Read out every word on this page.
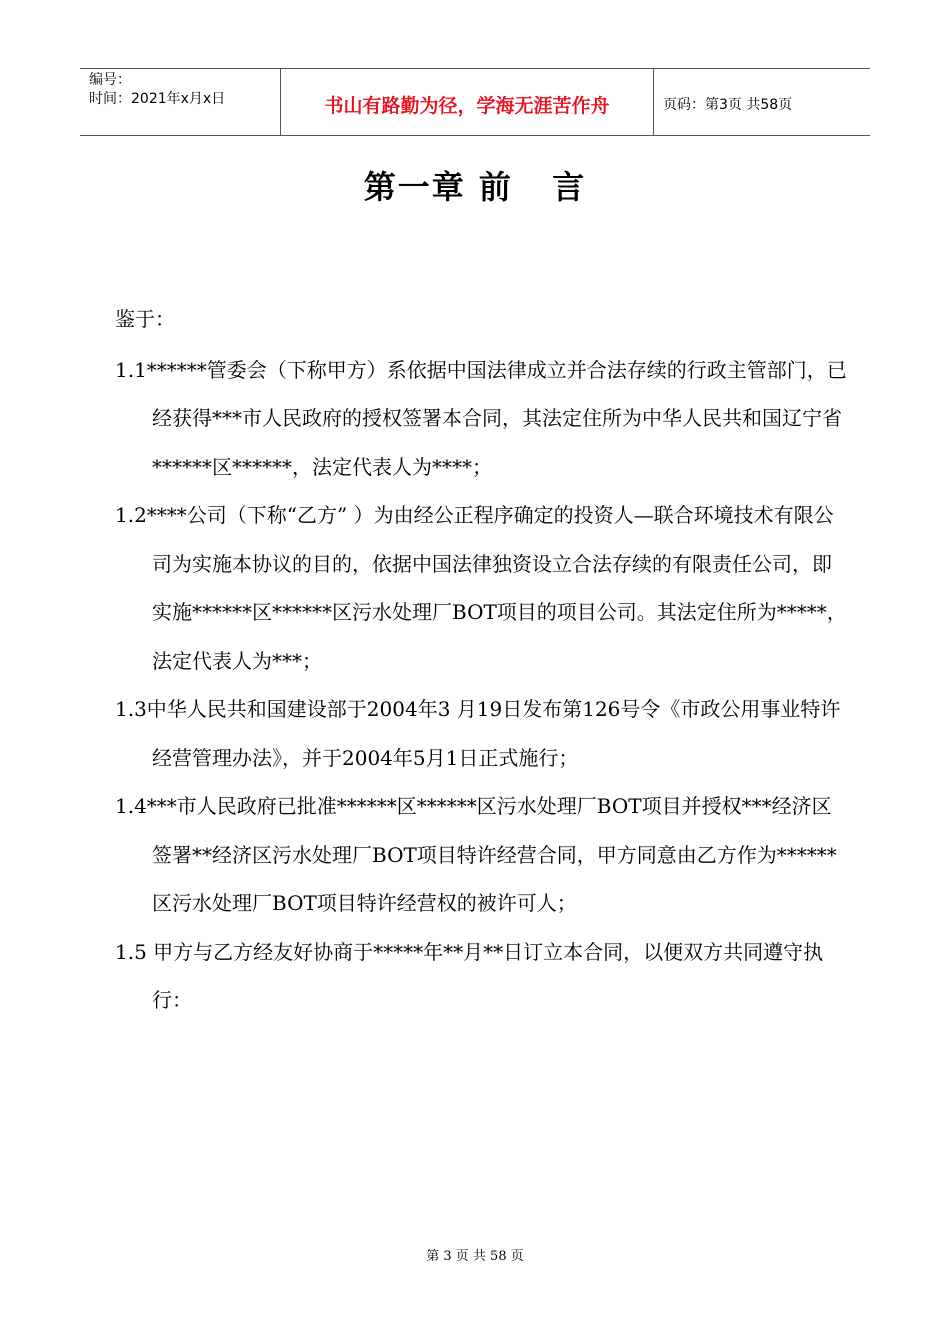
编号：
时间：2021年x月x日	书山有路勤为径，学海无涯苦作舟	页码：第3页 共58页
第一章 前   言

鉴于：

1.1******管委会（下称甲方）系依据中国法律成立并合法存续的行政主管部门，已经获得***市人民政府的授权签署本合同，其法定住所为中华人民共和国辽宁省******区******，法定代表人为****；

1.2****公司（下称“乙方” ）为由经公正程序确定的投资人—联合环境技术有限公司为实施本协议的目的，依据中国法律独资设立合法存续的有限责任公司，即实施******区******区污水处理厂BOT项目的项目公司。其法定住所为*****，法定代表人为***；

1.3中华人民共和国建设部于2004年3 月19日发布第126号令《市政公用事业特许经营管理办法》，并于2004年5月1日正式施行；

1.4***市人民政府已批准******区******区污水处理厂BOT项目并授权***经济区签署**经济区污水处理厂BOT项目特许经营合同，甲方同意由乙方作为******区污水处理厂BOT项目特许经营权的被许可人；

1.5 甲方与乙方经友好协商于*****年**月**日订立本合同，以便双方共同遵守执行：

第 3 页 共 58 页
